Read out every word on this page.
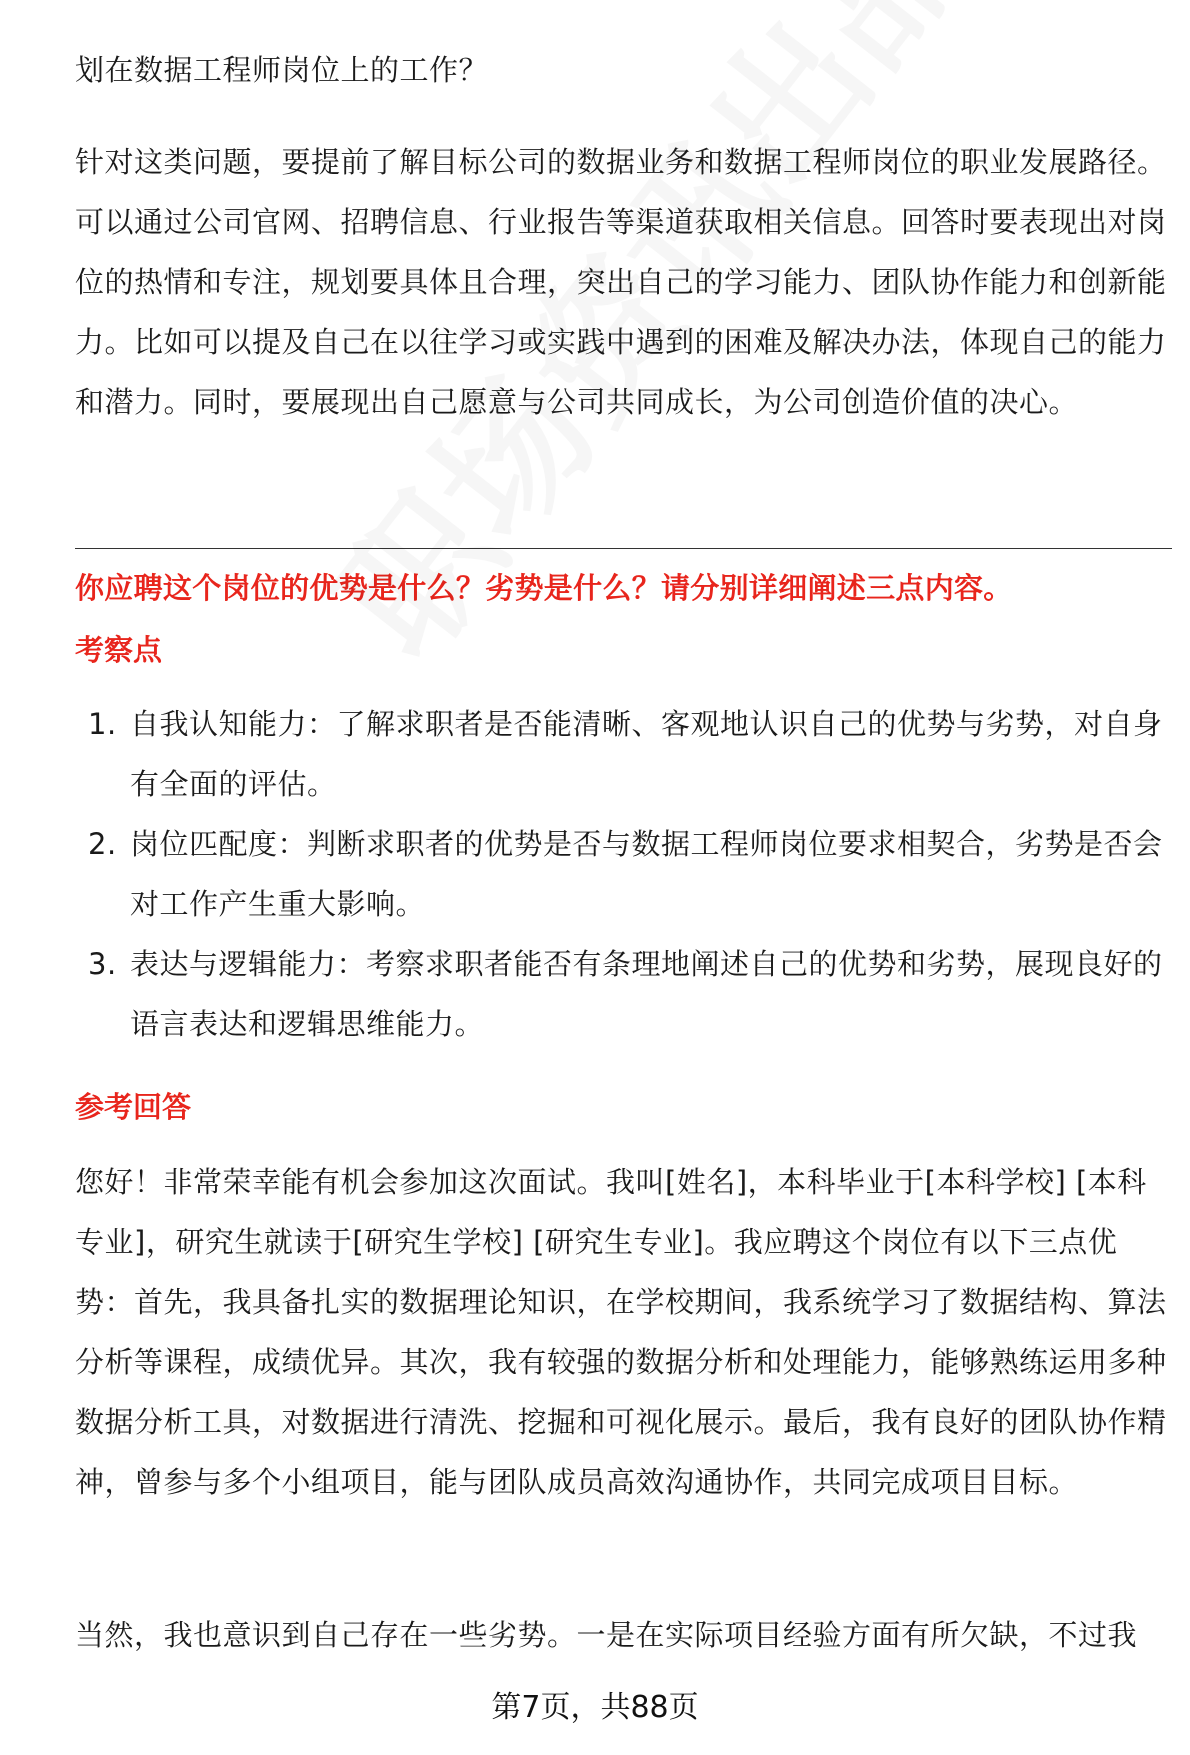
划在数据工程师岗位上的工作？

针对这类问题，要提前了解目标公司的数据业务和数据工程师岗位的职业发展路径。可以通过公司官网、招聘信息、行业报告等渠道获取相关信息。回答时要表现出对岗位的热情和专注，规划要具体且合理，突出自己的学习能力、团队协作能力和创新能力。比如可以提及自己在以往学习或实践中遇到的困难及解决办法，体现自己的能力和潜力。同时，要展现出自己愿意与公司共同成长，为公司创造价值的决心。

你应聘这个岗位的优势是什么？劣势是什么？请分别详细阐述三点内容。
考察点
1. 自我认知能力：了解求职者是否能清晰、客观地认识自己的优势与劣势，对自身有全面的评估。
2. 岗位匹配度：判断求职者的优势是否与数据工程师岗位要求相契合，劣势是否会对工作产生重大影响。
3. 表达与逻辑能力：考察求职者能否有条理地阐述自己的优势和劣势，展现良好的语言表达和逻辑思维能力。
参考回答

您好！非常荣幸能有机会参加这次面试。我叫[姓名]，本科毕业于[本科学校] [本科专业]，研究生就读于[研究生学校] [研究生专业]。我应聘这个岗位有以下三点优势：首先，我具备扎实的数据理论知识，在学校期间，我系统学习了数据结构、算法分析等课程，成绩优异。其次，我有较强的数据分析和处理能力，能够熟练运用多种数据分析工具，对数据进行清洗、挖掘和可视化展示。最后，我有良好的团队协作精神，曾参与多个小组项目，能与团队成员高效沟通协作，共同完成项目目标。

当然，我也意识到自己存在一些劣势。一是在实际项目经验方面有所欠缺，不过我

第7页，共88页
